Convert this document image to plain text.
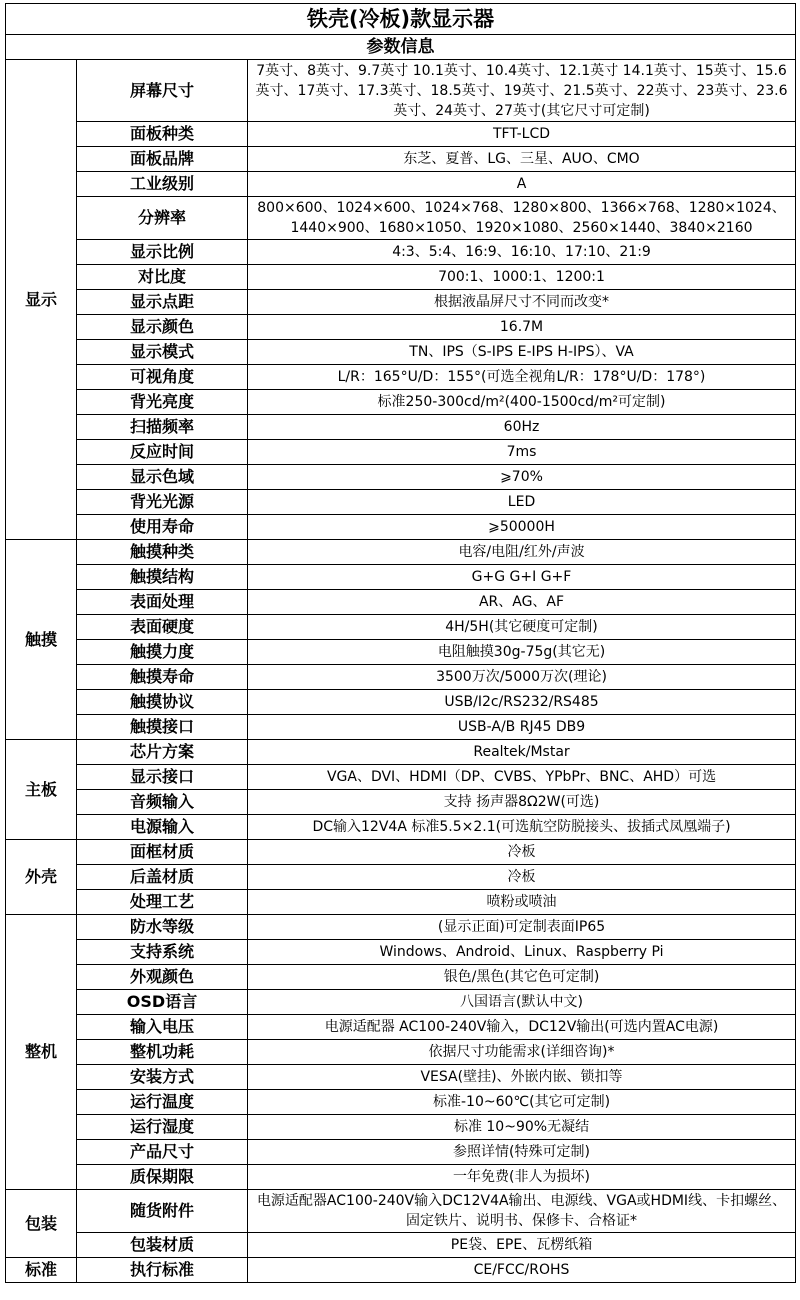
铁壳(冷板)款显示器		
参数信息		
显示	屏幕尺寸	7英寸、8英寸、9.7英寸 10.1英寸、10.4英寸、12.1英寸 14.1英寸、15英寸、15.6英寸、17英寸、17.3英寸、18.5英寸、19英寸、21.5英寸、22英寸、23英寸、23.6英寸、24英寸、27英寸(其它尺寸可定制)
	面板种类	TFT-LCD
	面板品牌	东芝、夏普、LG、三星、AUO、CMO
	工业级别	A
	分辨率	800×600、1024×600、1024×768、1280×800、1366×768、1280×1024、1440×900、1680×1050、1920×1080、2560×1440、3840×2160
	显示比例	4:3、5:4、16:9、16:10、17:10、21:9
	对比度	700:1、1000:1、1200:1
	显示点距	根据液晶屏尺寸不同而改变*
	显示颜色	16.7M
	显示模式	TN、IPS（S-IPS E-IPS H-IPS）、VA
	可视角度	L/R：165°U/D：155°(可选全视角L/R：178°U/D：178°)
	背光亮度	标准250-300cd/m²(400-1500cd/m²可定制)
	扫描频率	60Hz
	反应时间	7ms
	显示色域	⩾70%
	背光光源	LED
	使用寿命	⩾50000H
触摸	触摸种类	电容/电阻/红外/声波
	触摸结构	G+G G+I G+F
	表面处理	AR、AG、AF
	表面硬度	4H/5H(其它硬度可定制)
	触摸力度	电阻触摸30g-75g(其它无)
	触摸寿命	3500万次/5000万次(理论)
	触摸协议	USB/I2c/RS232/RS485
	触摸接口	USB-A/B RJ45 DB9
主板	芯片方案	Realtek/Mstar
	显示接口	VGA、DVI、HDMI（DP、CVBS、YPbPr、BNC、AHD）可选
	音频输入	支持 扬声器8Ω2W(可选)
	电源输入	DC输入12V4A 标准5.5×2.1(可选航空防脱接头、拔插式凤凰端子)
外壳	面框材质	冷板
	后盖材质	冷板
	处理工艺	喷粉或喷油
整机	防水等级	(显示正面)可定制表面IP65
	支持系统	Windows、Android、Linux、Raspberry Pi
	外观颜色	银色/黑色(其它色可定制)
	OSD语言	八国语言(默认中文)
	输入电压	电源适配器 AC100-240V输入，DC12V输出(可选内置AC电源)
	整机功耗	依据尺寸功能需求(详细咨询)*
	安装方式	VESA(壁挂)、外嵌内嵌、锁扣等
	运行温度	标准-10~60℃(其它可定制)
	运行湿度	标准 10~90%无凝结
	产品尺寸	参照详情(特殊可定制)
	质保期限	一年免费(非人为损坏)
包装	随货附件	电源适配器AC100-240V输入DC12V4A输出、电源线、VGA或HDMI线、卡扣螺丝、固定铁片、说明书、保修卡、合格证*
	包装材质	PE袋、EPE、瓦楞纸箱
标准	执行标准	CE/FCC/ROHS
